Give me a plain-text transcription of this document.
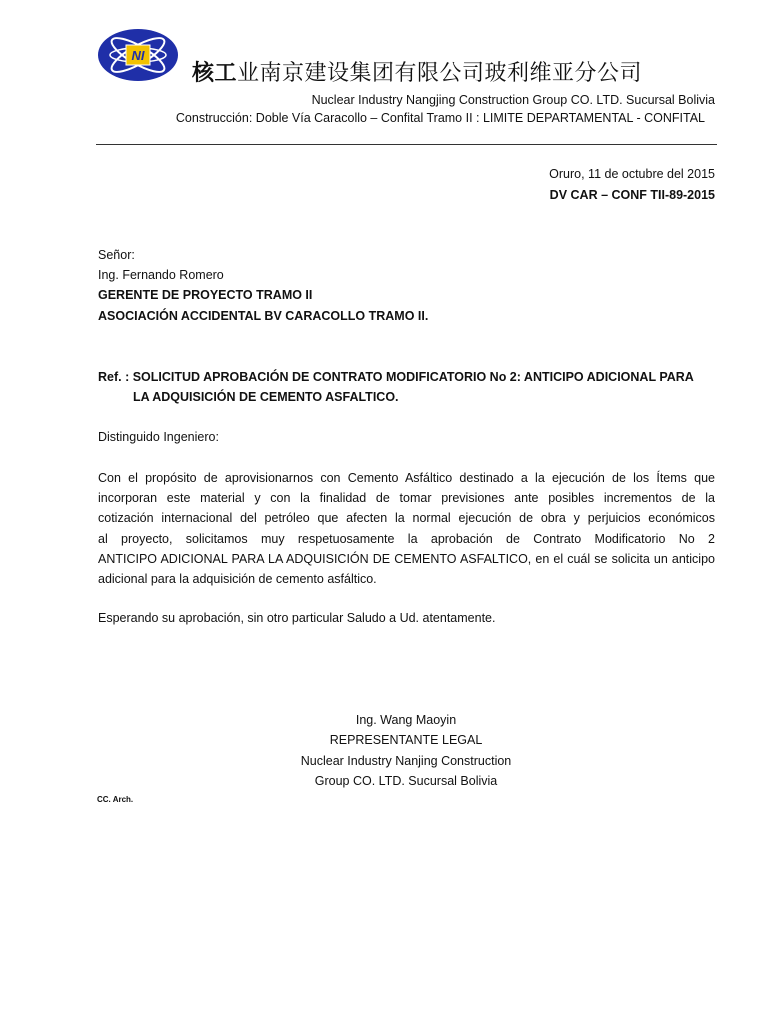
NI
核工业南京建设集团有限公司玻利维亚分公司
Nuclear Industry Nangjing Construction Group CO. LTD. Sucursal Bolivia
Construcción: Doble Vía Caracollo – Confital Tramo II : LIMITE DEPARTAMENTAL - CONFITAL
Oruro, 11 de octubre del 2015
DV CAR – CONF TII-89-2015
Señor:
Ing. Fernando Romero
GERENTE DE PROYECTO TRAMO II
ASOCIACIÓN ACCIDENTAL BV CARACOLLO TRAMO II.
Ref. : SOLICITUD APROBACIÓN DE CONTRATO MODIFICATORIO No 2: ANTICIPO ADICIONAL PARA
LA ADQUISICIÓN DE CEMENTO ASFALTICO.
Distinguido Ingeniero:
Con el propósito de aprovisionarnos con Cemento Asfáltico destinado a la ejecución de los Ítems que
incorporan este material y con la finalidad de tomar previsiones ante posibles incrementos de la
cotización internacional del petróleo que afecten la normal ejecución de obra y perjuicios económicos
al proyecto, solicitamos muy respetuosamente la aprobación de Contrato Modificatorio No 2
ANTICIPO ADICIONAL PARA LA ADQUISICIÓN DE CEMENTO ASFALTICO, en el cuál se solicita un anticipo
adicional para la adquisición de cemento asfáltico.
Esperando su aprobación, sin otro particular Saludo a Ud. atentamente.
Ing. Wang Maoyin
REPRESENTANTE LEGAL
Nuclear Industry Nanjing Construction
Group CO. LTD. Sucursal Bolivia
CC. Arch.
